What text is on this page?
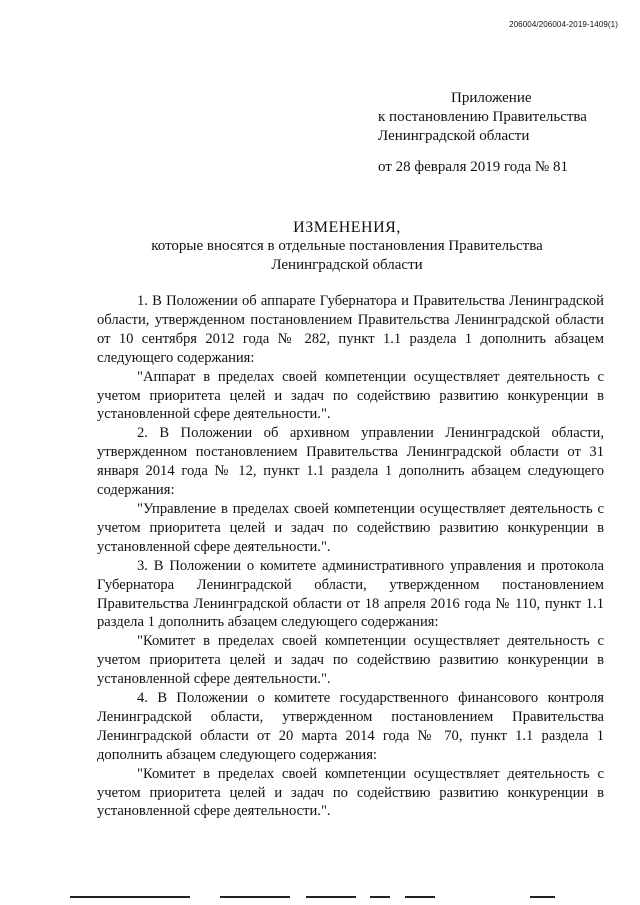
206004/206004-2019-1409(1)
Приложение
к постановлению Правительства
Ленинградской области
от 28 февраля 2019 года № 81
ИЗМЕНЕНИЯ,
которые вносятся в отдельные постановления Правительства
Ленинградской области

1. В Положении об аппарате Губернатора и Правительства Ленинградской области, утвержденном постановлением Правительства Ленинградской области от 10 сентября 2012 года № 282, пункт 1.1 раздела 1 дополнить абзацем следующего содержания:

"Аппарат в пределах своей компетенции осуществляет деятельность с учетом приоритета целей и задач по содействию развитию конкуренции в установленной сфере деятельности.".

2. В Положении об архивном управлении Ленинградской области, утвержденном постановлением Правительства Ленинградской области от 31 января 2014 года № 12, пункт 1.1 раздела 1 дополнить абзацем следующего содержания:

"Управление в пределах своей компетенции осуществляет деятельность с учетом приоритета целей и задач по содействию развитию конкуренции в установленной сфере деятельности.".

3. В Положении о комитете административного управления и протокола Губернатора Ленинградской области, утвержденном постановлением Правительства Ленинградской области от 18 апреля 2016 года № 110, пункт 1.1 раздела 1 дополнить абзацем следующего содержания:

"Комитет в пределах своей компетенции осуществляет деятельность с учетом приоритета целей и задач по содействию развитию конкуренции в установленной сфере деятельности.".

4. В Положении о комитете государственного финансового контроля Ленинградской области, утвержденном постановлением Правительства Ленинградской области от 20 марта 2014 года № 70, пункт 1.1 раздела 1 дополнить абзацем следующего содержания:

"Комитет в пределах своей компетенции осуществляет деятельность с учетом приоритета целей и задач по содействию развитию конкуренции в установленной сфере деятельности.".
